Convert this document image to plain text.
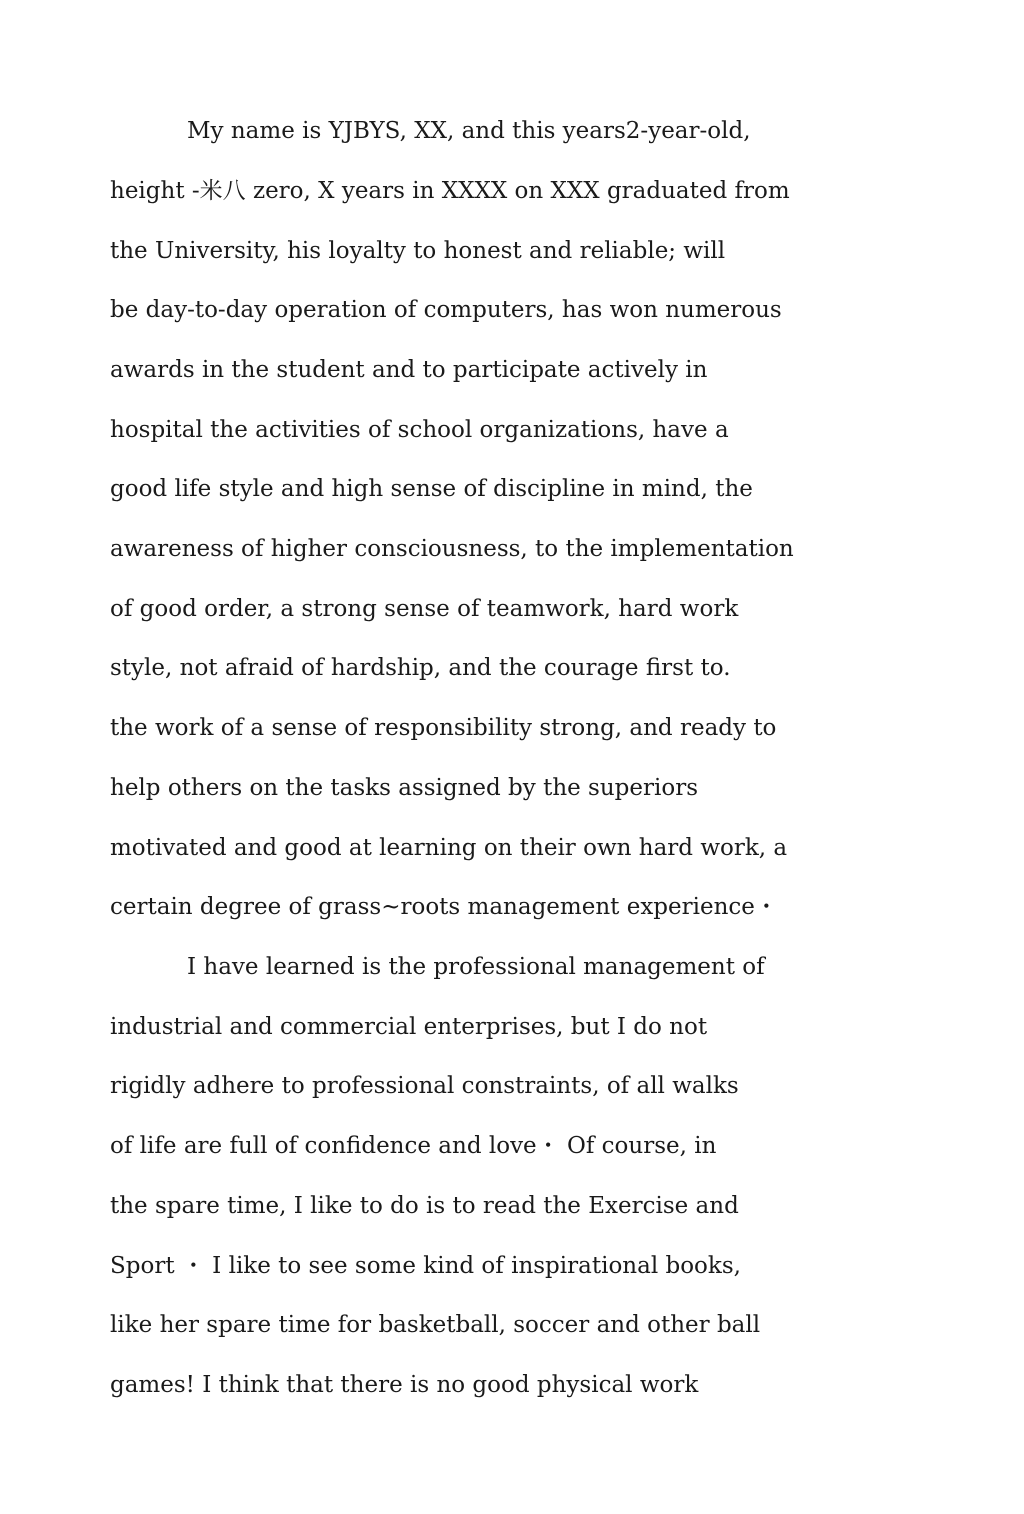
My name is YJBYS, XX, and this years2-year-old,
height -米八 zero, X years in XXXX on XXX graduated from
the University, his loyalty to honest and reliable; will
be day-to-day operation of computers, has won numerous
awards in the student and to participate actively in
hospital the activities of school organizations, have a
good life style and high sense of discipline in mind, the
awareness of higher consciousness, to the implementation
of good order, a strong sense of teamwork, hard work
style, not afraid of hardship, and the courage first to.
the work of a sense of responsibility strong, and ready to
help others on the tasks assigned by the superiors
motivated and good at learning on their own hard work, a
certain degree of grass~roots management experience・
I have learned is the professional management of
industrial and commercial enterprises, but I do not
rigidly adhere to professional constraints, of all walks
of life are full of confidence and love・ Of course, in
the spare time, I like to do is to read the Exercise and
Sport ・ I like to see some kind of inspirational books,
like her spare time for basketball, soccer and other ball
games! I think that there is no good physical work
